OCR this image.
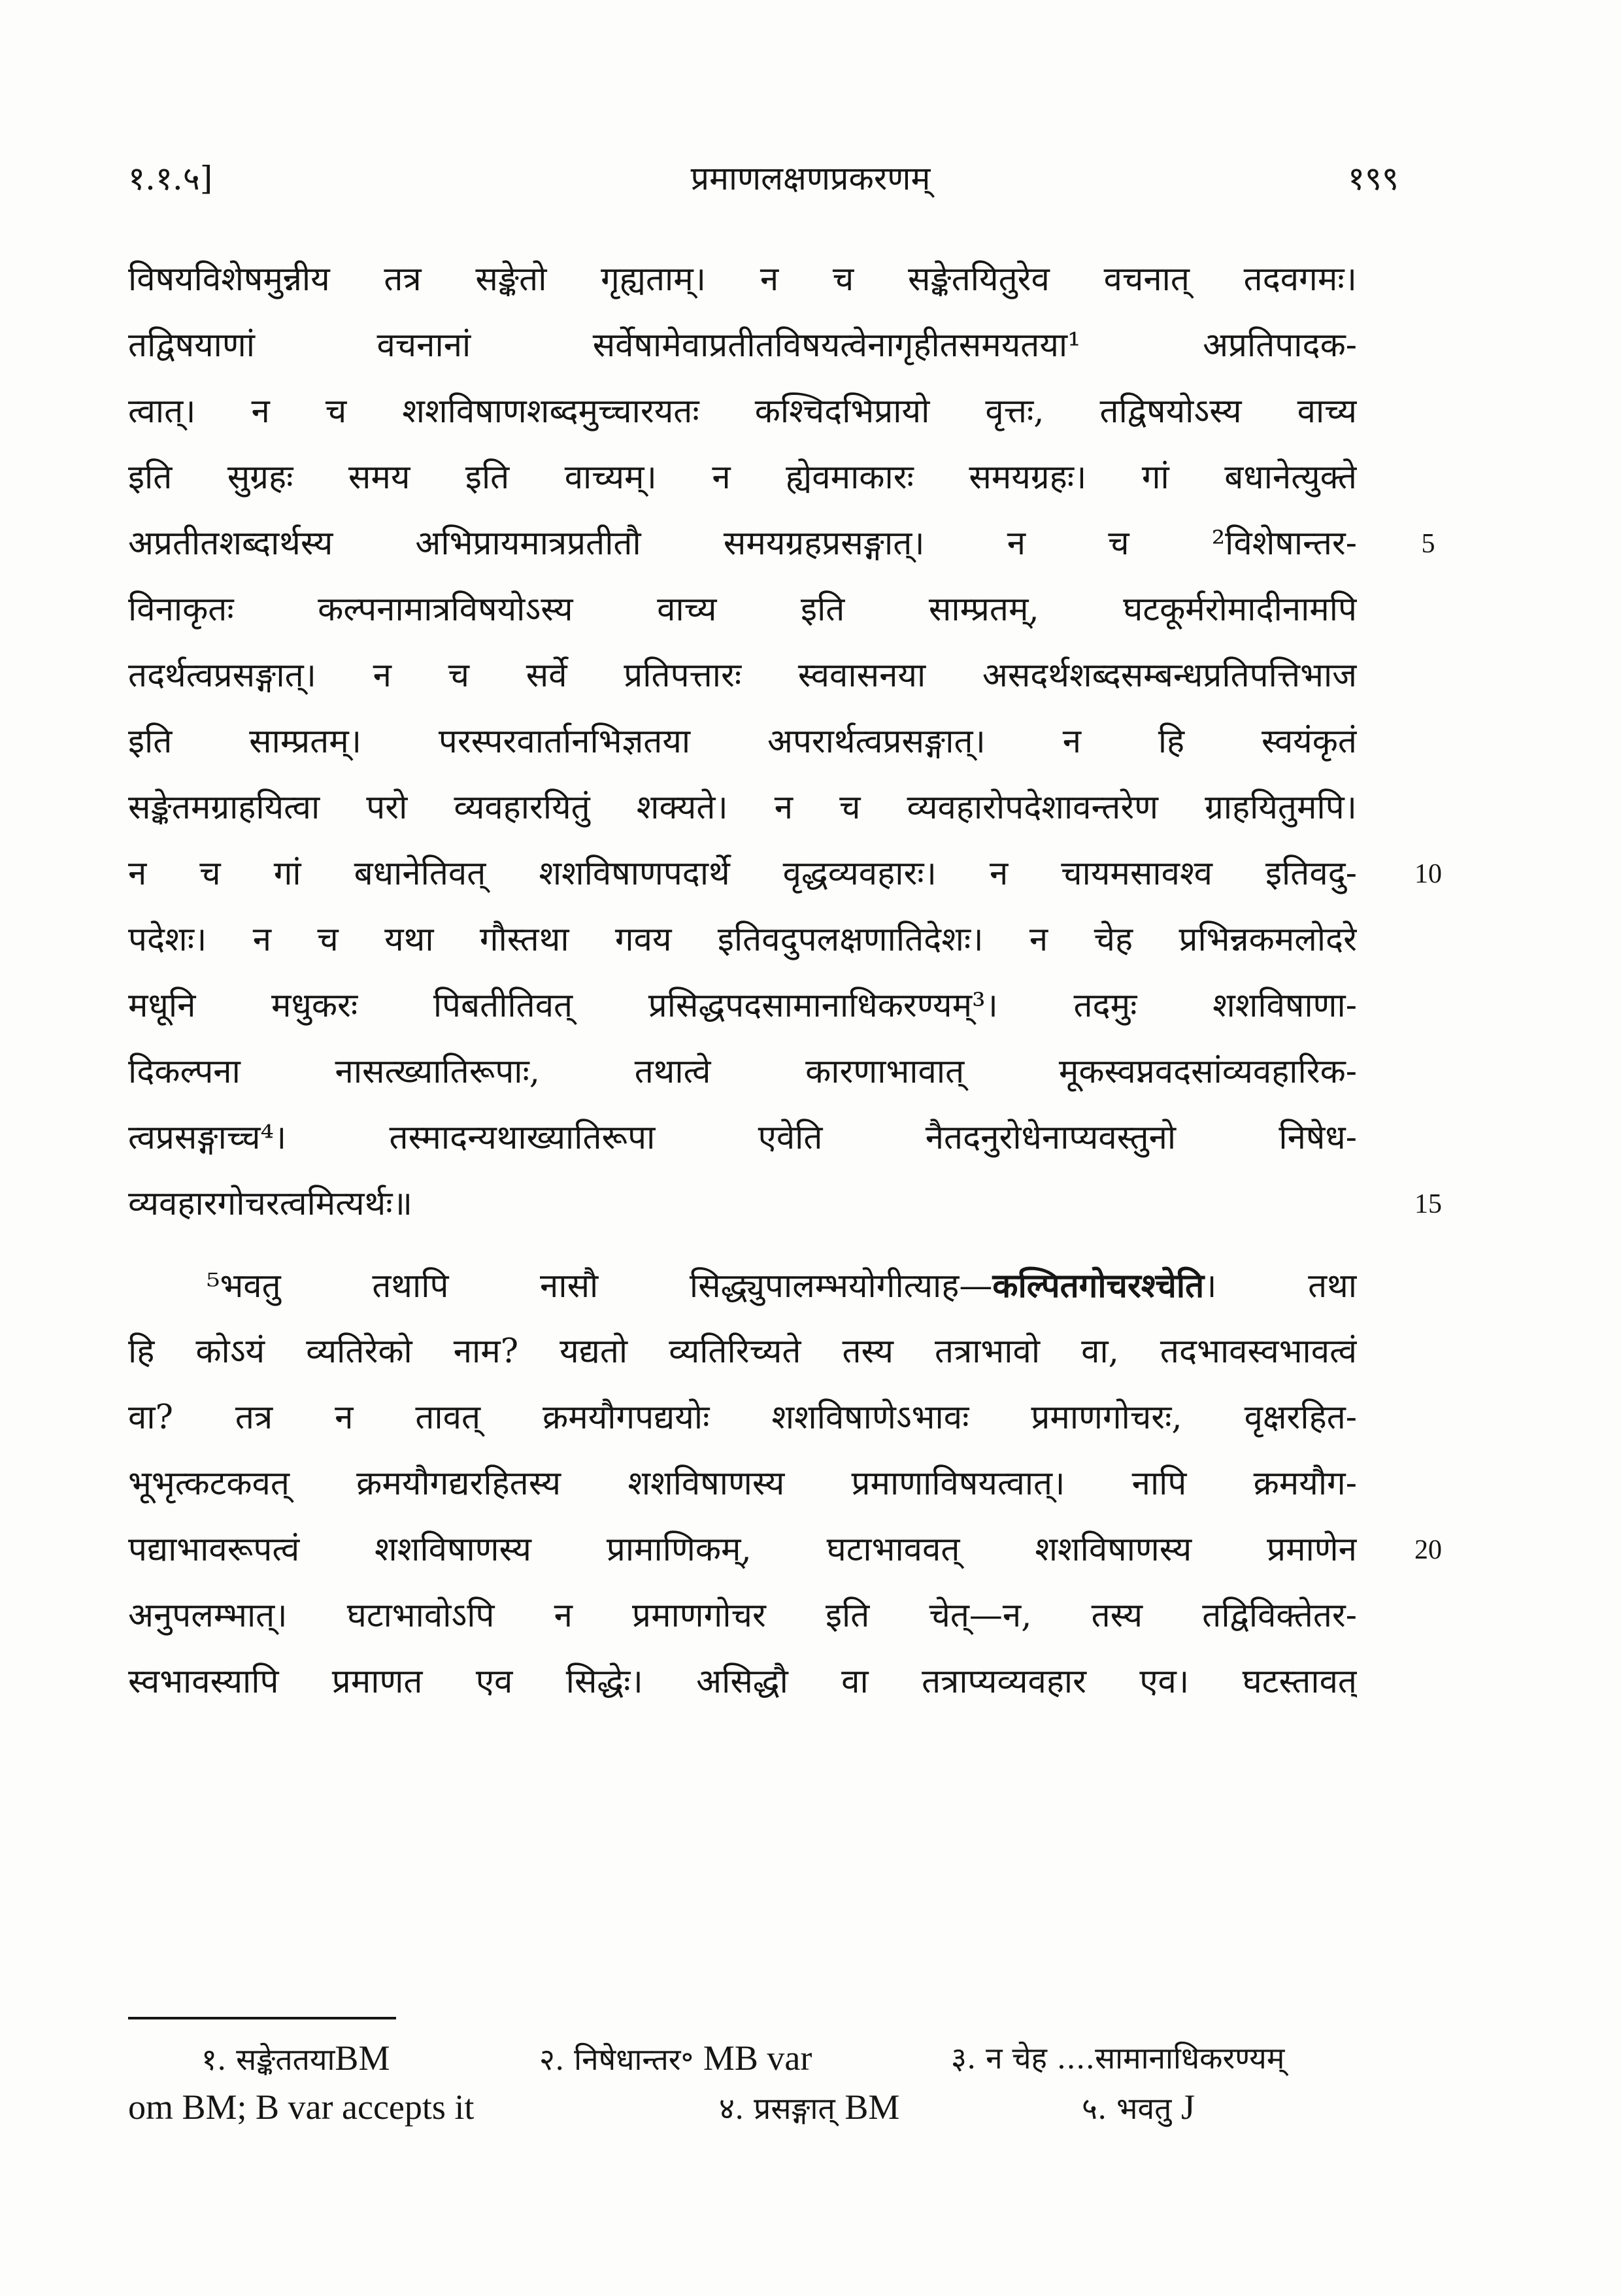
१.१.५]	प्रमाणलक्षणप्रकरणम्	१९९
विषयविशेषमुन्नीय तत्र सङ्केतो गृह्यताम्। न च सङ्केतयितुरेव वचनात् तदवगमः।
तद्विषयाणां वचनानां सर्वेषामेवाप्रतीतविषयत्वेनागृहीतसमयतया¹ अप्रतिपादक-
त्वात्। न च शशविषाणशब्दमुच्चारयतः कश्चिदभिप्रायो वृत्तः, तद्विषयोऽस्य वाच्य
इति सुग्रहः समय इति वाच्यम्। न ह्येवमाकारः समयग्रहः। गां बधानेत्युक्ते
अप्रतीतशब्दार्थस्य अभिप्रायमात्रप्रतीतौ समयग्रहप्रसङ्गात्। न च ²विशेषान्तर-
विनाकृतः कल्पनामात्रविषयोऽस्य वाच्य इति साम्प्रतम्, घटकूर्मरोमादीनामपि
तदर्थत्वप्रसङ्गात्। न च सर्वे प्रतिपत्तारः स्ववासनया असदर्थशब्दसम्बन्धप्रतिपत्तिभाज
इति साम्प्रतम्। परस्परवार्तानभिज्ञतया अपरार्थत्वप्रसङ्गात्। न हि स्वयंकृतं
सङ्केतमग्राहयित्वा परो व्यवहारयितुं शक्यते। न च व्यवहारोपदेशावन्तरेण ग्राहयितुमपि।
न च गां बधानेतिवत् शशविषाणपदार्थे वृद्धव्यवहारः। न चायमसावश्व इतिवदु-
पदेशः। न च यथा गौस्तथा गवय इतिवदुपलक्षणातिदेशः। न चेह प्रभिन्नकमलोदरे
मधूनि मधुकरः पिबतीतिवत् प्रसिद्धपदसामानाधिकरण्यम्³। तदमुः शशविषाणा-
दिकल्पना नासत्ख्यातिरूपाः, तथात्वे कारणाभावात् मूकस्वप्नवदसांव्यवहारिक-
त्वप्रसङ्गाच्च⁴। तस्मादन्यथाख्यातिरूपा एवेति नैतदनुरोधेनाप्यवस्तुनो निषेध-
व्यवहारगोचरत्वमित्यर्थः॥
⁵भवतु तथापि नासौ सिद्ध्युपालम्भयोगीत्याह—कल्पितगोचरश्चेति। तथा
हि कोऽयं व्यतिरेको नाम? यद्यतो व्यतिरिच्यते तस्य तत्राभावो वा, तदभावस्वभावत्वं
वा? तत्र न तावत् क्रमयौगपद्ययोः शशविषाणेऽभावः प्रमाणगोचरः, वृक्षरहित-
भूभृत्कटकवत् क्रमयौगद्यरहितस्य शशविषाणस्य प्रमाणाविषयत्वात्। नापि क्रमयौग-
पद्याभावरूपत्वं शशविषाणस्य प्रामाणिकम्, घटाभाववत् शशविषाणस्य प्रमाणेन
अनुपलम्भात्। घटाभावोऽपि न प्रमाणगोचर इति चेत्—न, तस्य तद्विविक्तेतर-
स्वभावस्यापि प्रमाणत एव सिद्धेः। असिद्धौ वा तत्राप्यव्यवहार एव। घटस्तावत्
5
10
15
20
१. सङ्केततयाBM	२. निषेधान्तर॰ MB var	३. न चेह ....सामानाधिकरण्यम्
om BM; B var accepts it	४. प्रसङ्गात् BM	५. भवतु J
